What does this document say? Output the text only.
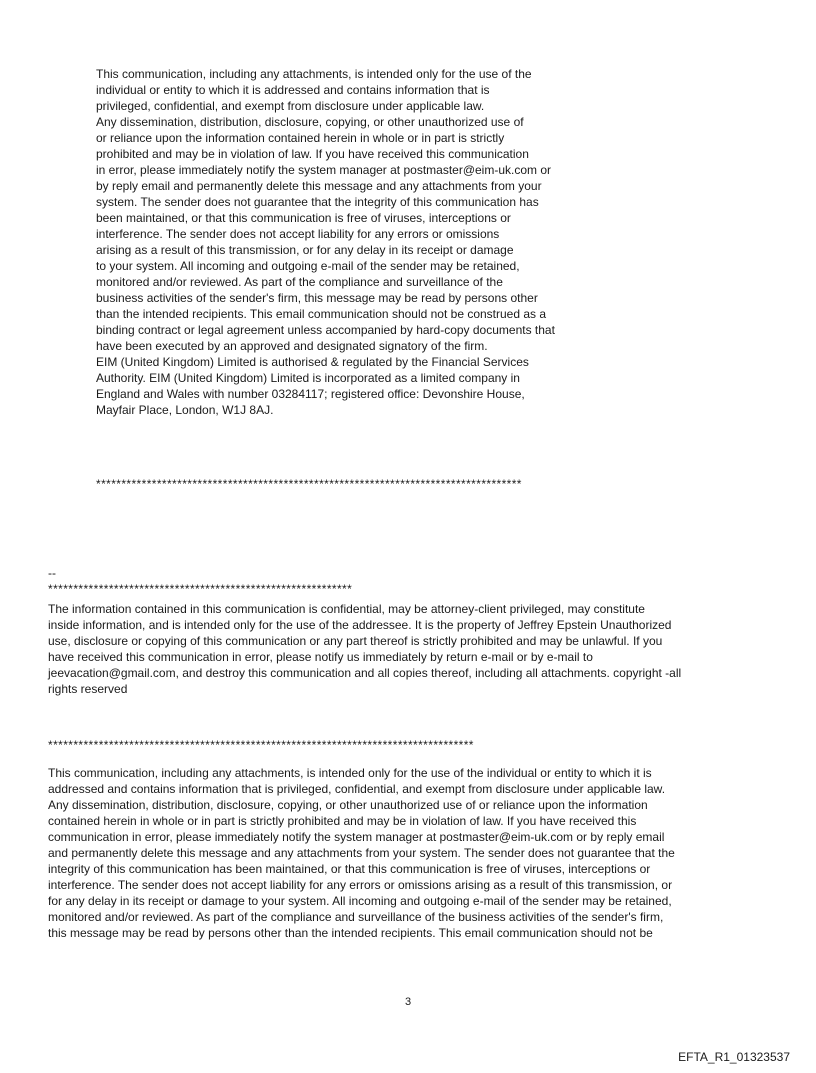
This communication, including any attachments, is intended only for the use of the
individual or entity to which it is addressed and contains information that is
privileged, confidential, and exempt from disclosure under applicable law.
Any dissemination, distribution, disclosure, copying, or other unauthorized use of
or reliance upon the information contained herein in whole or in part is strictly
prohibited and may be in violation of law. If you have received this communication
in error, please immediately notify the system manager at postmaster@eim-uk.com or
by reply email and permanently delete this message and any attachments from your
system. The sender does not guarantee that the integrity of this communication has
been maintained, or that this communication is free of viruses, interceptions or
interference. The sender does not accept liability for any errors or omissions
arising as a result of this transmission, or for any delay in its receipt or damage
to your system. All incoming and outgoing e-mail of the sender may be retained,
monitored and/or reviewed. As part of the compliance and surveillance of the
business activities of the sender's firm, this message may be read by persons other
than the intended recipients. This email communication should not be construed as a
binding contract or legal agreement unless accompanied by hard-copy documents that
have been executed by an approved and designated signatory of the firm.
EIM (United Kingdom) Limited is authorised & regulated by the Financial Services
Authority. EIM (United Kingdom) Limited is incorporated as a limited company in
England and Wales with number 03284117; registered office: Devonshire House,
Mayfair Place, London, W1J 8AJ.
************************************************************************************
--
************************************************************
The information contained in this communication is confidential, may be attorney-client privileged, may constitute
inside information, and is intended only for the use of the addressee. It is the property of Jeffrey Epstein Unauthorized
use, disclosure or copying of this communication or any part thereof is strictly prohibited and may be unlawful. If you
have received this communication in error, please notify us immediately by return e-mail or by e-mail to
jeevacation@gmail.com, and destroy this communication and all copies thereof, including all attachments. copyright -all
rights reserved
************************************************************************************
This communication, including any attachments, is intended only for the use of the individual or entity to which it is
addressed and contains information that is privileged, confidential, and exempt from disclosure under applicable law.
Any dissemination, distribution, disclosure, copying, or other unauthorized use of or reliance upon the information
contained herein in whole or in part is strictly prohibited and may be in violation of law. If you have received this
communication in error, please immediately notify the system manager at postmaster@eim-uk.com or by reply email
and permanently delete this message and any attachments from your system. The sender does not guarantee that the
integrity of this communication has been maintained, or that this communication is free of viruses, interceptions or
interference. The sender does not accept liability for any errors or omissions arising as a result of this transmission, or
for any delay in its receipt or damage to your system. All incoming and outgoing e-mail of the sender may be retained,
monitored and/or reviewed. As part of the compliance and surveillance of the business activities of the sender's firm,
this message may be read by persons other than the intended recipients. This email communication should not be
3
EFTA_R1_01323537
